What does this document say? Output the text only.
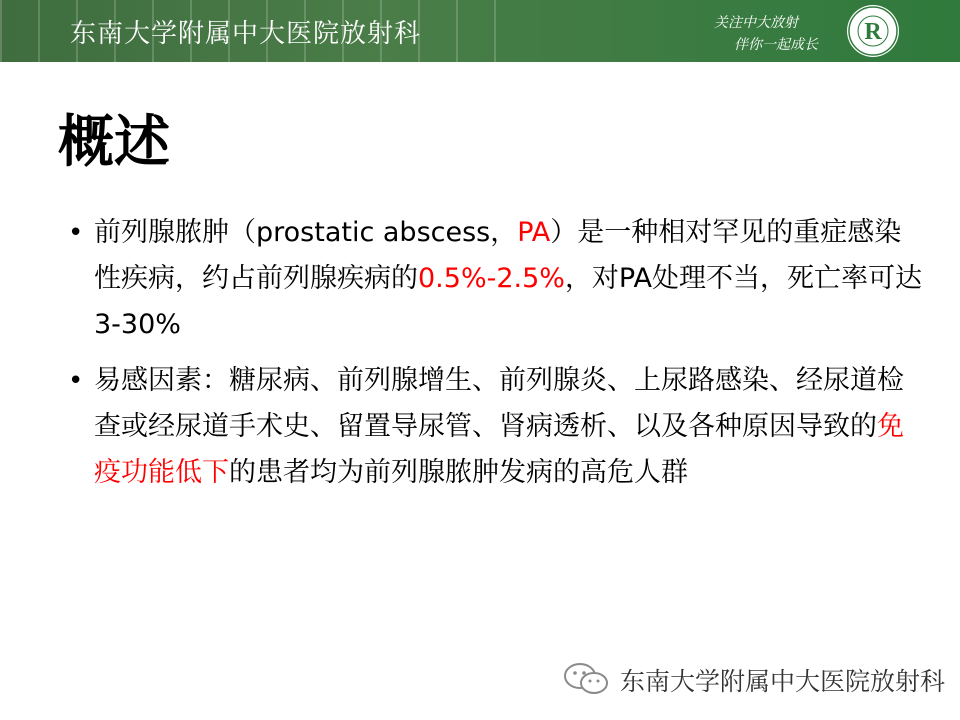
东南大学附属中大医院放射科	关注中大放射
伴你一起成长 R
概述
• 前列腺脓肿（prostatic abscess，PA）是一种相对罕见的重症感染性疾病，约占前列腺疾病的0.5%-2.5%，对PA处理不当，死亡率可达3-30%
• 易感因素：糖尿病、前列腺增生、前列腺炎、上尿路感染、经尿道检查或经尿道手术史、留置导尿管、肾病透析、以及各种原因导致的免疫功能低下的患者均为前列腺脓肿发病的高危人群
东南大学附属中大医院放射科
